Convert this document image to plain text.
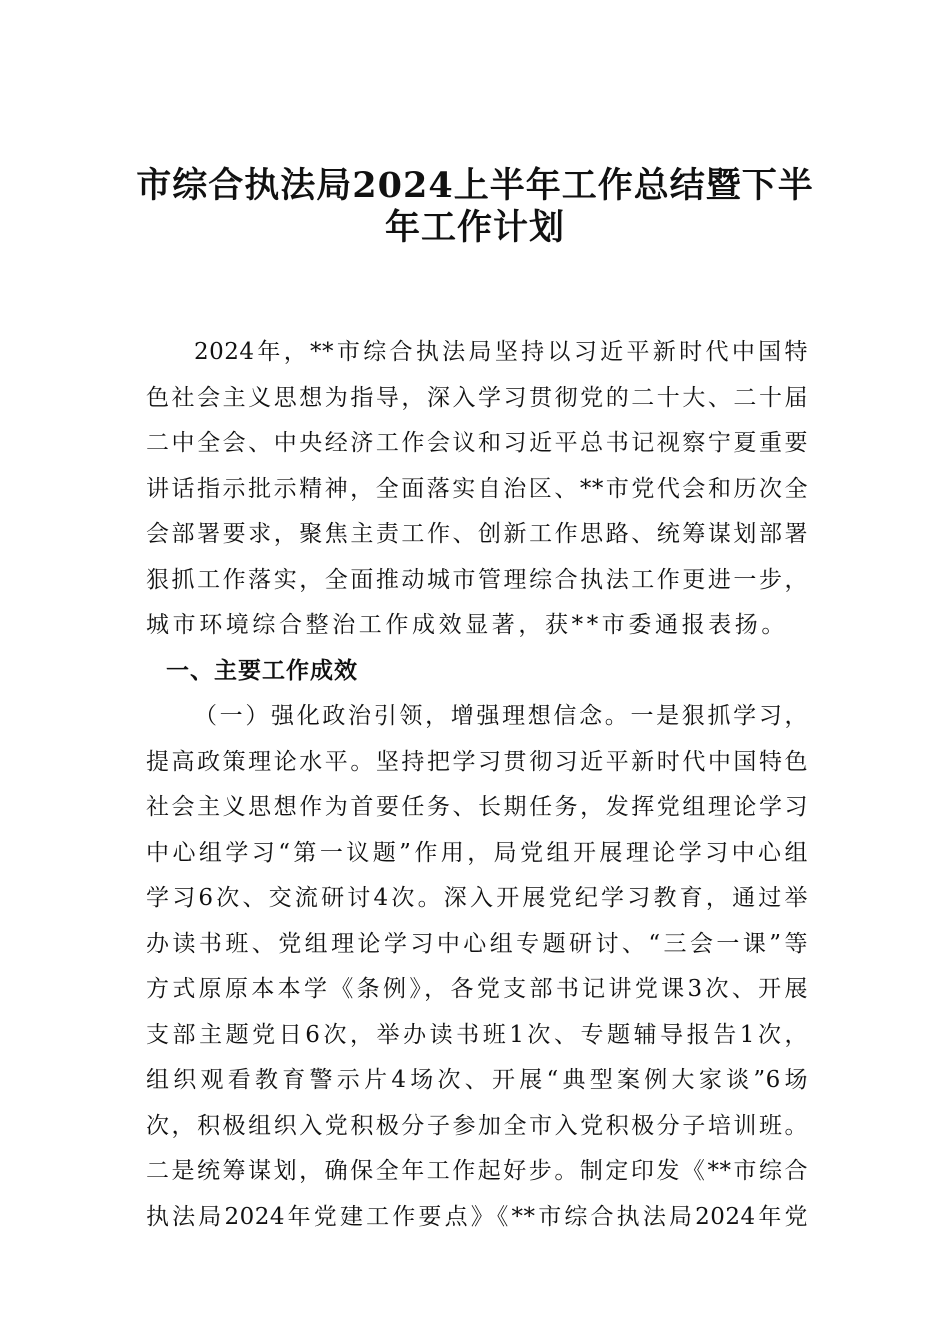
市综合执法局2024上半年工作总结暨下半
年工作计划
2024年，**市综合执法局坚持以习近平新时代中国特
色社会主义思想为指导，深入学习贯彻党的二十大、二十届
二中全会、中央经济工作会议和习近平总书记视察宁夏重要
讲话指示批示精神，全面落实自治区、**市党代会和历次全
会部署要求，聚焦主责工作、创新工作思路、统筹谋划部署
狠抓工作落实，全面推动城市管理综合执法工作更进一步，
城市环境综合整治工作成效显著，获**市委通报表扬。
一、主要工作成效
（一）强化政治引领，增强理想信念。一是狠抓学习，
提高政策理论水平。坚持把学习贯彻习近平新时代中国特色
社会主义思想作为首要任务、长期任务，发挥党组理论学习
中心组学习“第一议题”作用，局党组开展理论学习中心组
学习6次、交流研讨4次。深入开展党纪学习教育，通过举
办读书班、党组理论学习中心组专题研讨、“三会一课”等
方式原原本本学《条例》，各党支部书记讲党课3次、开展
支部主题党日6次，举办读书班1次、专题辅导报告1次，
组织观看教育警示片4场次、开展“典型案例大家谈”6场
次，积极组织入党积极分子参加全市入党积极分子培训班。
二是统筹谋划，确保全年工作起好步。制定印发《**市综合
执法局2024年党建工作要点》《**市综合执法局2024年党
